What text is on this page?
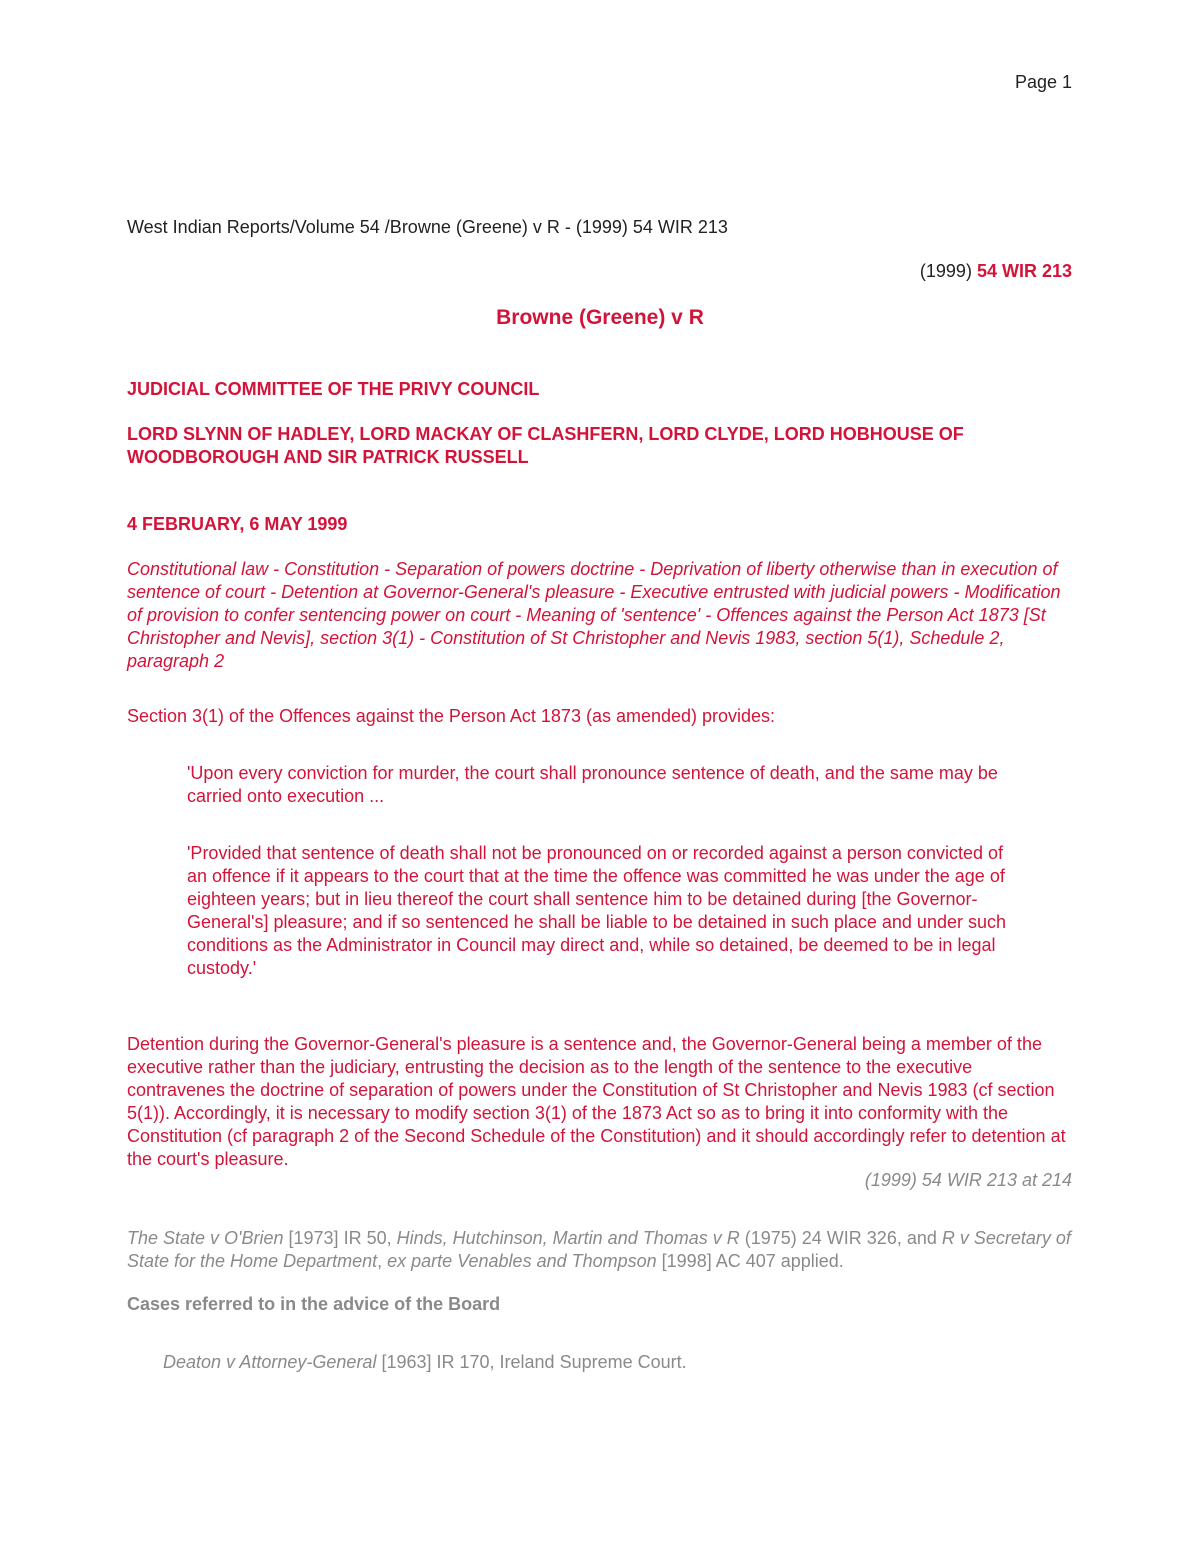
Page 1
West Indian Reports/Volume 54 /Browne (Greene) v R - (1999) 54 WIR 213
(1999) 54 WIR 213
Browne (Greene) v R
JUDICIAL COMMITTEE OF THE PRIVY COUNCIL
LORD SLYNN OF HADLEY, LORD MACKAY OF CLASHFERN, LORD CLYDE, LORD HOBHOUSE OF WOODBOROUGH AND SIR PATRICK RUSSELL
4 FEBRUARY, 6 MAY 1999
Constitutional law - Constitution - Separation of powers doctrine - Deprivation of liberty otherwise than in execution of sentence of court - Detention at Governor-General's pleasure - Executive entrusted with judicial powers - Modification of provision to confer sentencing power on court - Meaning of 'sentence' - Offences against the Person Act 1873 [St Christopher and Nevis], section 3(1) - Constitution of St Christopher and Nevis 1983, section 5(1), Schedule 2, paragraph 2
Section 3(1) of the Offences against the Person Act 1873 (as amended) provides:
'Upon every conviction for murder, the court shall pronounce sentence of death, and the same may be carried onto execution ...
'Provided that sentence of death shall not be pronounced on or recorded against a person convicted of an offence if it appears to the court that at the time the offence was committed he was under the age of eighteen years; but in lieu thereof the court shall sentence him to be detained during [the Governor-General's] pleasure; and if so sentenced he shall be liable to be detained in such place and under such conditions as the Administrator in Council may direct and, while so detained, be deemed to be in legal custody.'
Detention during the Governor-General's pleasure is a sentence and, the Governor-General being a member of the executive rather than the judiciary, entrusting the decision as to the length of the sentence to the executive contravenes the doctrine of separation of powers under the Constitution of St Christopher and Nevis 1983 (cf section 5(1)). Accordingly, it is necessary to modify section 3(1) of the 1873 Act so as to bring it into conformity with the Constitution (cf paragraph 2 of the Second Schedule of the Constitution) and it should accordingly refer to detention at the court's pleasure.
(1999) 54 WIR 213 at 214
The State v O'Brien [1973] IR 50, Hinds, Hutchinson, Martin and Thomas v R (1975) 24 WIR 326, and R v Secretary of State for the Home Department, ex parte Venables and Thompson [1998] AC 407 applied.
Cases referred to in the advice of the Board
Deaton v Attorney-General [1963] IR 170, Ireland Supreme Court.
